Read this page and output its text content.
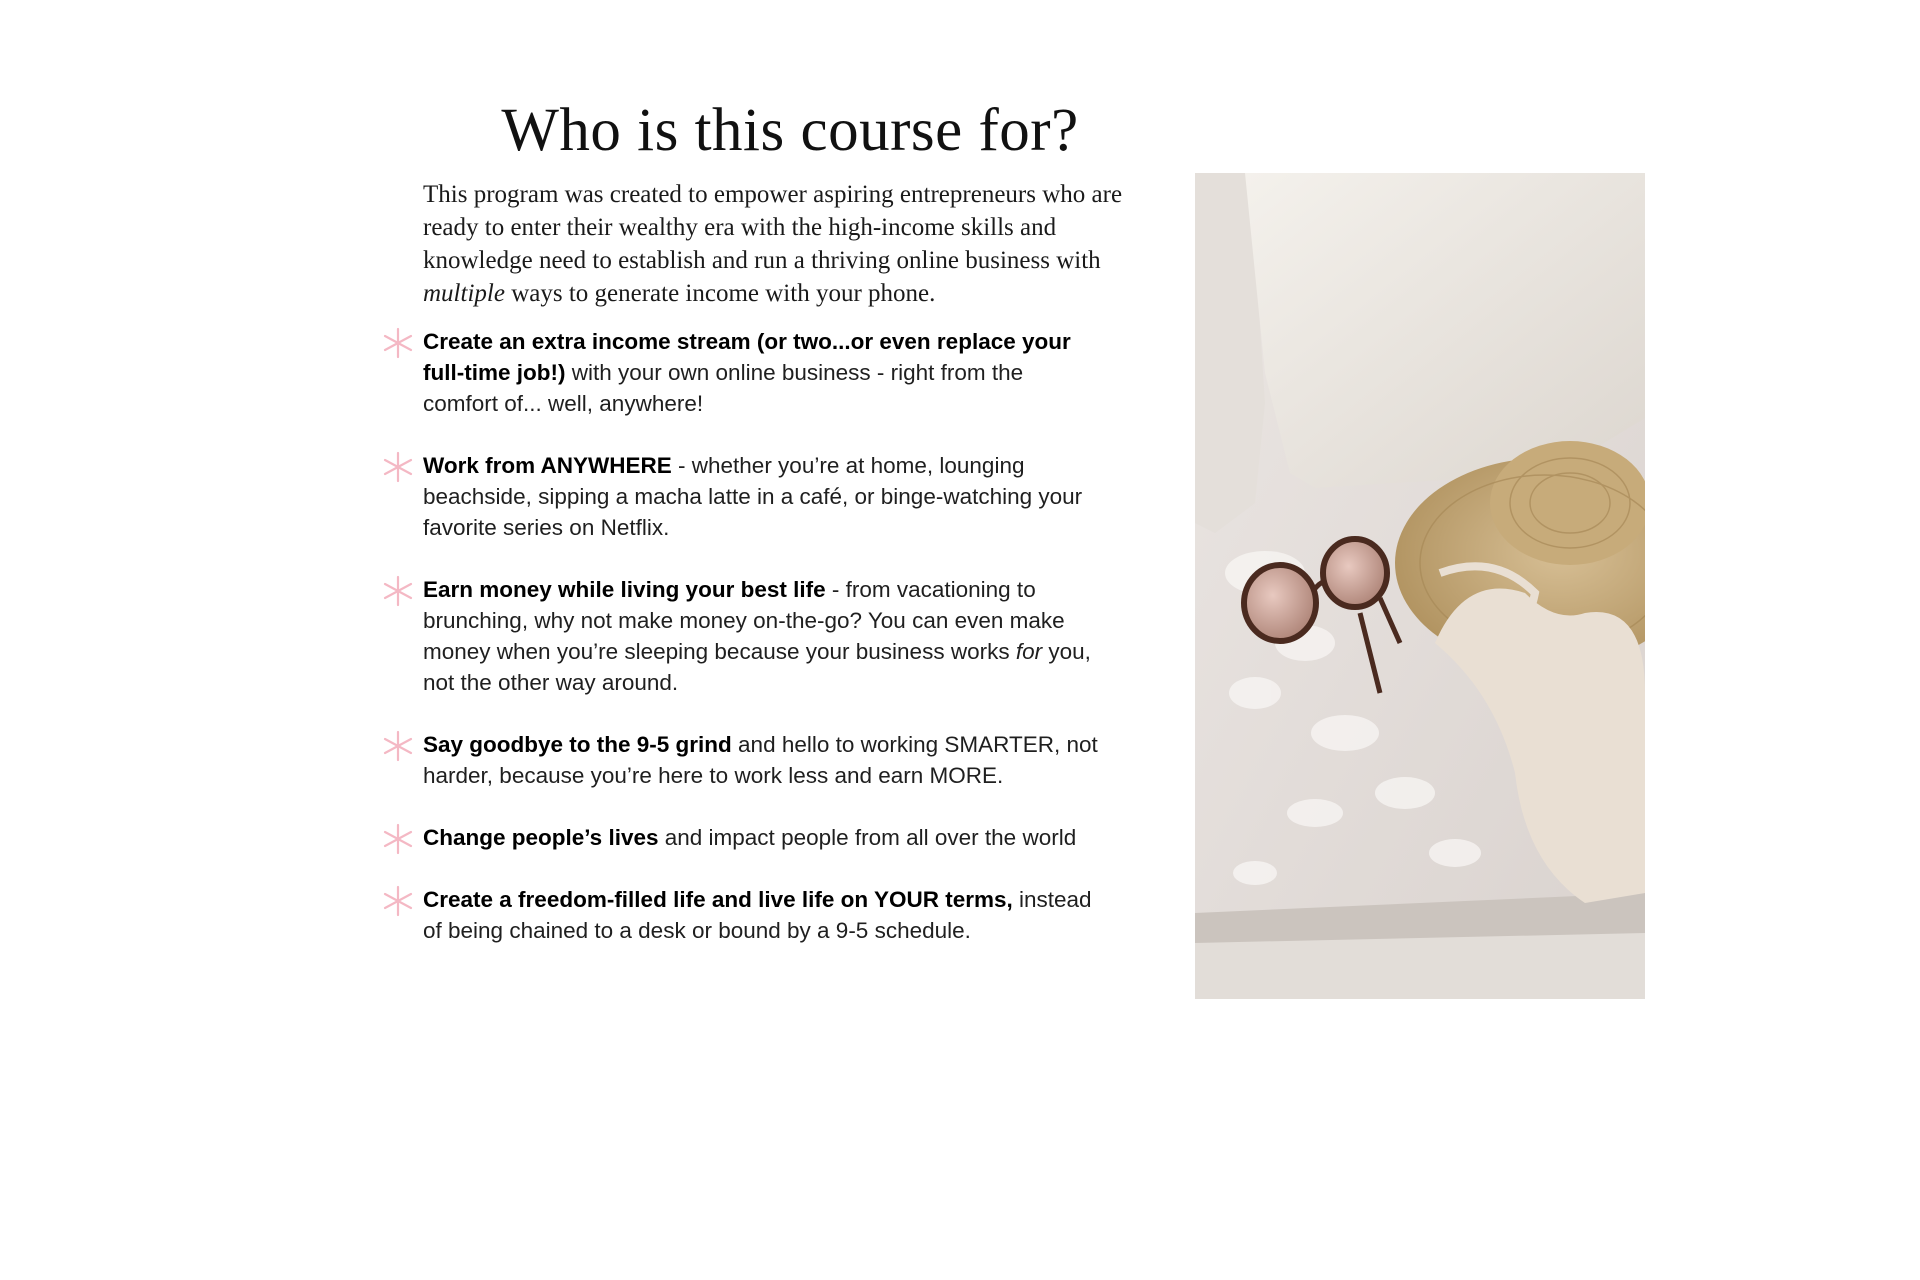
Who is this course for?

This program was created to empower aspiring entrepreneurs who are ready to enter their wealthy era with the high-income skills and knowledge need to establish and run a thriving online business with multiple ways to generate income with your phone.

Create an extra income stream (or two...or even replace your full-time job!) with your own online business - right from the comfort of... well, anywhere!
Work from ANYWHERE - whether you’re at home, lounging beachside, sipping a macha latte in a café, or binge-watching your favorite series on Netflix.
Earn money while living your best life - from vacationing to brunching, why not make money on-the-go? You can even make money when you’re sleeping because your business works for you, not the other way around.
Say goodbye to the 9-5 grind and hello to working SMARTER, not harder, because you’re here to work less and earn MORE.
Change people’s lives and impact people from all over the world
Create a freedom-filled life and live life on YOUR terms, instead of being chained to a desk or bound by a 9-5 schedule.
